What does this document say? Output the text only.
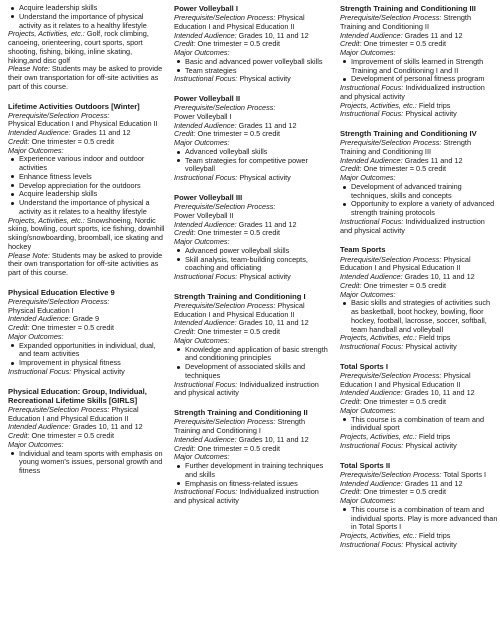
Acquire leadership skills
Understand the importance of physical activity as it relates to a healthy lifestyle
Projects, Activities, etc.: Golf, rock climbing, canoeing, orienteering, court sports, sport shooting, fishing, biking, inline skating, hiking,and disc golf
Please Note: Students may be asked to provide their own transportation for off-site activities as part of this course.
Lifetime Activities Outdoors [Winter]
Prerequisite/Selection Process:
Physical Education I and Physical Education II
Intended Audience: Grades 11 and 12
Credit: One trimester = 0.5 credit
Major Outcomes:
Experience various indoor and outdoor activities
Enhance fitness levels
Develop appreciation for the outdoors
Acquire leadership skills
Understand the importance of physical a activity as it relates to a healthy lifestyle
Projects, Activities, etc.: Snowshoeing, Nordic skiing, bowling, court sports, ice fishing, downhill skiing/snowboarding, broomball, ice skating and hockey
Please Note: Students may be asked to provide their own transportation for off-site activities as part of this course.
Physical Education Elective 9
Prerequisite/Selection Process:
Physical Education I
Intended Audience: Grade 9
Credit: One trimester = 0.5 credit
Major Outcomes:
Expanded opportunities in individual, dual, and team activities
Improvement in physical fitness
Instructional Focus: Physical activity
Physical Education: Group, Individual, Recreational Lifetime Skills [GIRLS]
Prerequisite/Selection Process: Physical Education I and Physical Education II
Intended Audience: Grades 10, 11 and 12
Credit: One trimester = 0.5 credit
Major Outcomes:
Individual and team sports with emphasis on young women's issues, personal growth and fitness
Power Volleyball I
Prerequisite/Selection Process: Physical Education I and Physical Education II
Intended Audience: Grades 10, 11 and 12
Credit: One trimester = 0.5 credit
Major Outcomes:
Basic and advanced power volleyball skills
Team strategies
Instructional Focus: Physical activity
Power Volleyball II
Prerequisite/Selection Process:
Power Volleyball I
Intended Audience: Grades 11 and 12
Credit: One trimester = 0.5 credit
Major Outcomes:
Advanced volleyball skills
Team strategies for competitive power volleyball
Instructional Focus: Physical activity
Power Volleyball III
Prerequisite/Selection Process:
Power Volleyball II
Intended Audience: Grades 11 and 12
Credit: One trimester = 0.5 credit
Major Outcomes:
Advanced power volleyball skills
Skill analysis, team-building concepts, coaching and officiating
Instructional Focus: Physical activity
Strength Training and Conditioning I
Prerequisite/Selection Process: Physical Education I and Physical Education II
Intended Audience: Grades 10, 11 and 12
Credit: One trimester = 0.5 credit
Major Outcomes:
Knowledge and application of basic strength and conditioning principles
Development of associated skills and techniques
Instructional Focus: Individualized instruction and physical activity
Strength Training and Conditioning II
Prerequisite/Selection Process: Strength Training and Conditioning I
Intended Audience: Grades 10, 11 and 12
Credit: One trimester = 0.5 credit
Major Outcomes:
Further development in training techniques and skills
Emphasis on fitness-related issues
Instructional Focus: Individualized instruction and physical activity
Strength Training and Conditioning III
Prerequisite/Selection Process: Strength Training and Conditioning II
Intended Audience: Grades 11 and 12
Credit: One trimester = 0.5 credit
Major Outcomes:
Improvement of skills learned in Strength Training and Conditioning I and II
Development of personal fitness program
Instructional Focus: Individualized instruction and physical activity
Projects, Activities, etc.: Field trips
Instructional Focus: Physical activity
Strength Training and Conditioning IV
Prerequisite/Selection Process: Strength Training and Conditioning III
Intended Audience: Grades 11 and 12
Credit: One trimester = 0.5 credit
Major Outcomes:
Development of advanced training techniques, skills and concepts
Opportunity to explore a variety of advanced strength training protocols
Instructional Focus: Individualized instruction and physical activity
Team Sports
Prerequisite/Selection Process: Physical Education I and Physical Education II
Intended Audience: Grades 10, 11 and 12
Credit: One trimester = 0.5 credit
Major Outcomes:
Basic skills and strategies of activities such as basketball, boot hockey, bowling, floor hockey, football, lacrosse, soccer, softball, team handball and volleyball
Projects, Activities, etc.: Field trips
Instructional Focus: Physical activity
Total Sports I
Prerequisite/Selection Process: Physical Education I and Physical Education II
Intended Audience: Grades 10, 11 and 12
Credit: One trimester = 0.5 credit
Major Outcomes:
This course is a combination of team and individual sport
Projects, Activities, etc.: Field trips
Instructional Focus: Physical activity
Total Sports II
Prerequisite/Selection Process: Total Sports I
Intended Audience: Grades 11 and 12
Credit: One trimester = 0.5 credit
Major Outcomes:
This course is a combination of team and individual sports. Play is more advanced than in Total Sports I
Projects, Activities, etc.: Field trips
Instructional Focus: Physical activity
